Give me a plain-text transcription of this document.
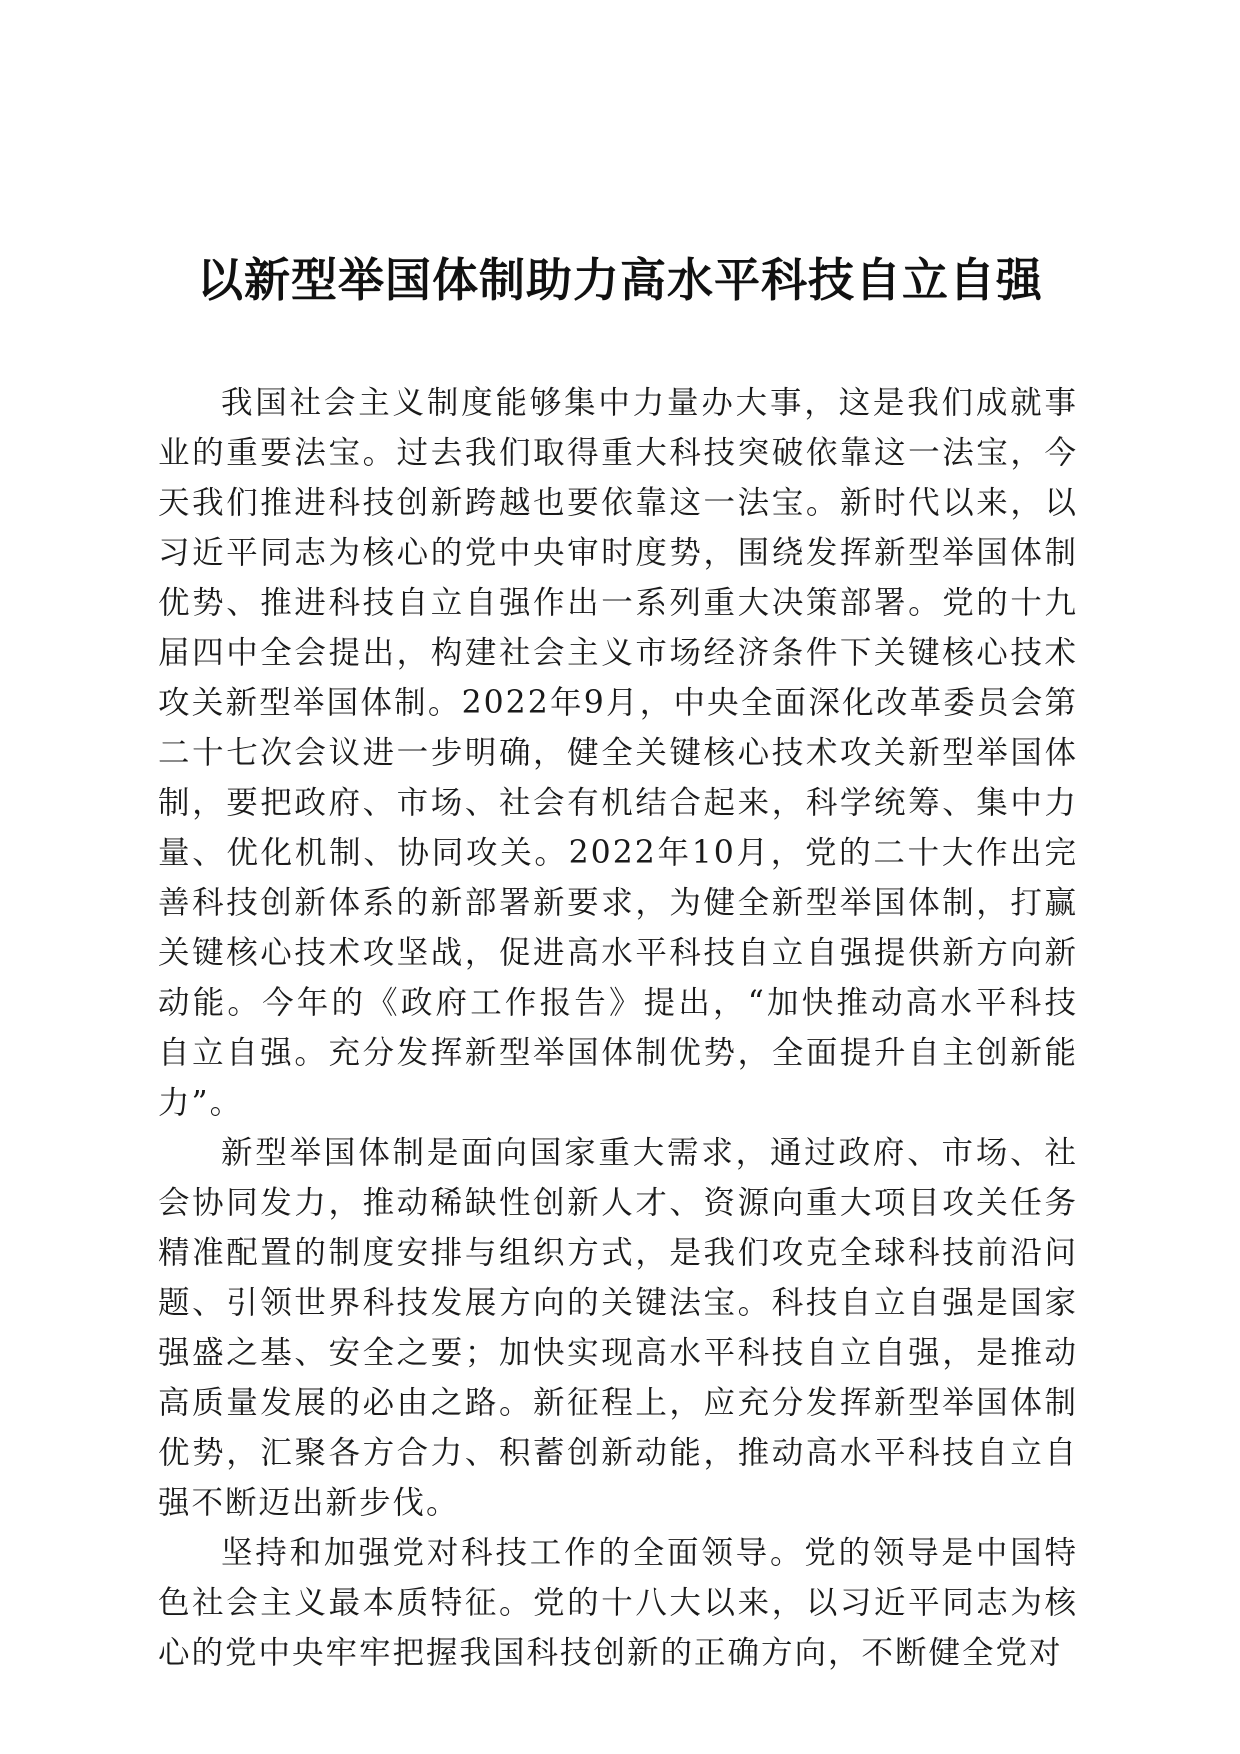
以新型举国体制助力高水平科技自立自强

我国社会主义制度能够集中力量办大事，这是我们成就事业的重要法宝。过去我们取得重大科技突破依靠这一法宝，今天我们推进科技创新跨越也要依靠这一法宝。新时代以来，以习近平同志为核心的党中央审时度势，围绕发挥新型举国体制优势、推进科技自立自强作出一系列重大决策部署。党的十九届四中全会提出，构建社会主义市场经济条件下关键核心技术攻关新型举国体制。2022年9月，中央全面深化改革委员会第二十七次会议进一步明确，健全关键核心技术攻关新型举国体制，要把政府、市场、社会有机结合起来，科学统筹、集中力量、优化机制、协同攻关。2022年10月，党的二十大作出完善科技创新体系的新部署新要求，为健全新型举国体制，打赢关键核心技术攻坚战，促进高水平科技自立自强提供新方向新动能。今年的《政府工作报告》提出，“加快推动高水平科技自立自强。充分发挥新型举国体制优势，全面提升自主创新能力”。

新型举国体制是面向国家重大需求，通过政府、市场、社会协同发力，推动稀缺性创新人才、资源向重大项目攻关任务精准配置的制度安排与组织方式，是我们攻克全球科技前沿问题、引领世界科技发展方向的关键法宝。科技自立自强是国家强盛之基、安全之要；加快实现高水平科技自立自强，是推动高质量发展的必由之路。新征程上，应充分发挥新型举国体制优势，汇聚各方合力、积蓄创新动能，推动高水平科技自立自强不断迈出新步伐。

坚持和加强党对科技工作的全面领导。党的领导是中国特色社会主义最本质特征。党的十八大以来，以习近平同志为核心的党中央牢牢把握我国科技创新的正确方向，不断健全党对
